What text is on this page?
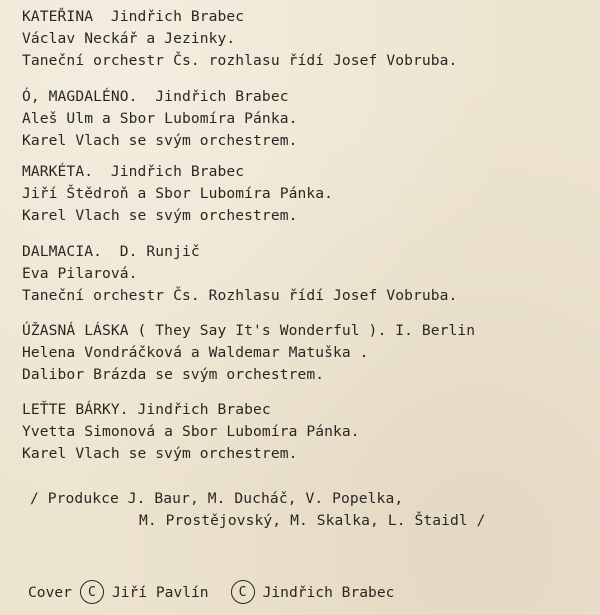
KATEŘINA  Jindřich Brabec
Václav Neckář a Jezinky.
Taneční orchestr Čs. rozhlasu řídí Josef Vobruba.
Ó, MAGDALÉNO.  Jindřich Brabec
Aleš Ulm a Sbor Lubomíra Pánka.
Karel Vlach se svým orchestrem.
MARKÉTA.  Jindřich Brabec
Jiří Štědroň a Sbor Lubomíra Pánka.
Karel Vlach se svým orchestrem.
DALMACIA.  D. Runjič
Eva Pilarová.
Taneční orchestr Čs. Rozhlasu řídí Josef Vobruba.
ÚŽASNÁ LÁSKA ( They Say It's Wonderful ). I. Berlin
Helena Vondráčková a Waldemar Matuška .
Dalibor Brázda se svým orchestrem.
LEŤTE BÁRKY. Jindřich Brabec
Yvetta Simonová a Sbor Lubomíra Pánka.
Karel Vlach se svým orchestrem.
/ Produkce J. Baur, M. Ducháč, V. Popelka,
M. Prostějovský, M. Skalka, L. Štaidl /
Cover	C	Jiří Pavlín	C	Jindřich Brabec
